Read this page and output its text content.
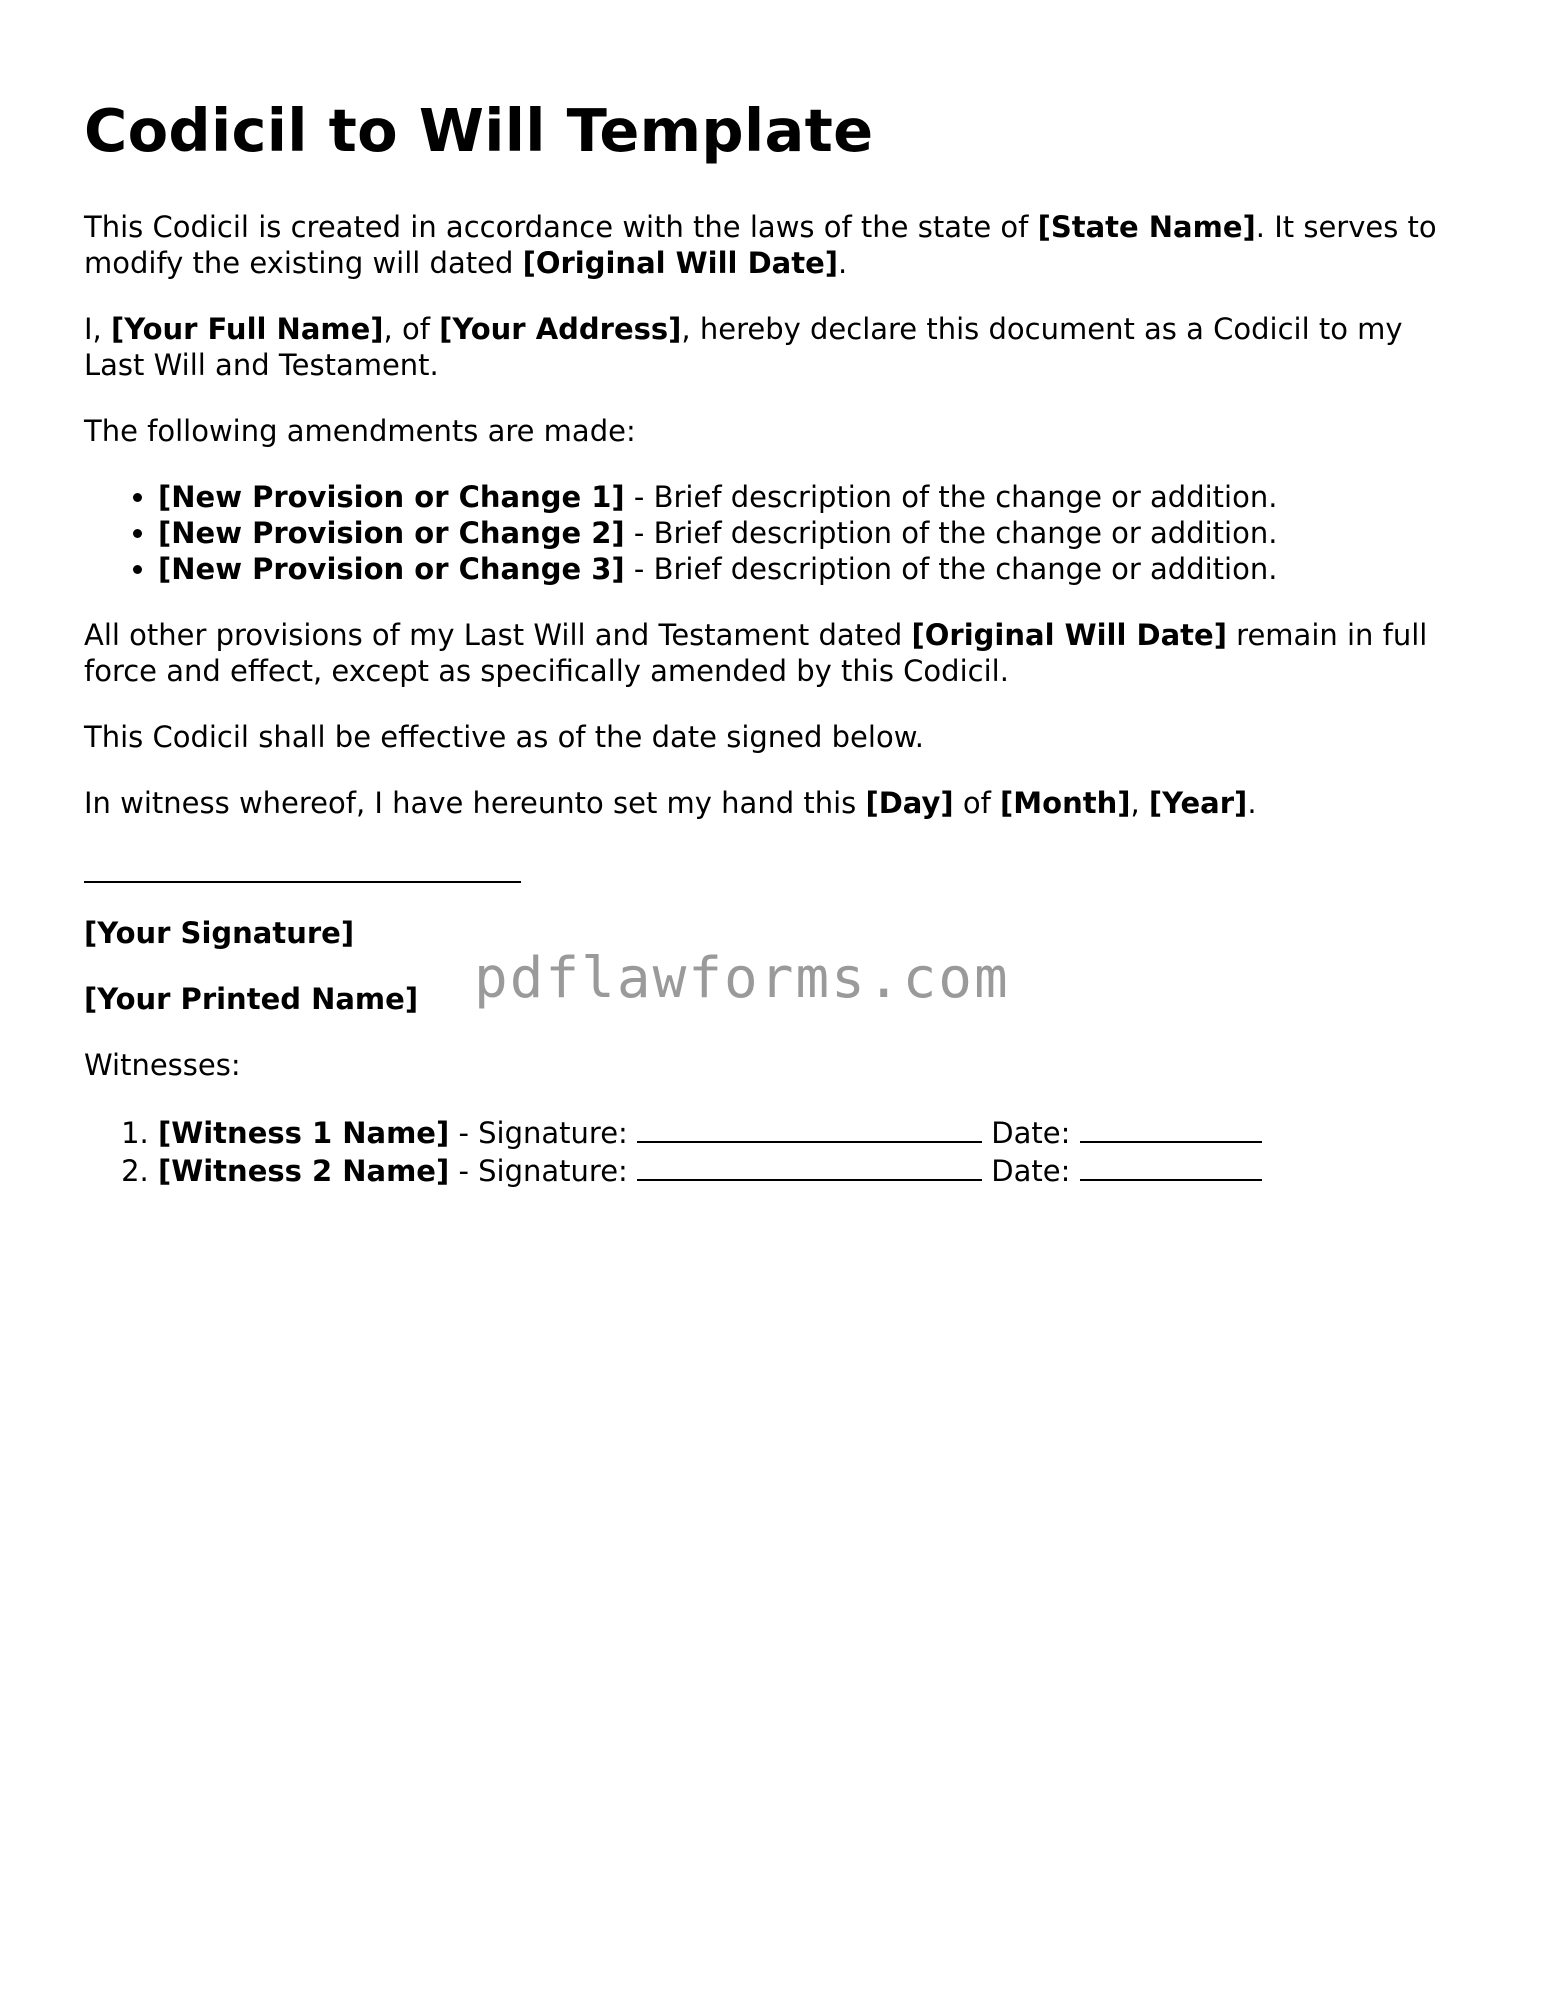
Codicil to Will Template

This Codicil is created in accordance with the laws of the state of [State Name]. It serves to modify the existing will dated [Original Will Date].

I, [Your Full Name], of [Your Address], hereby declare this document as a Codicil to my Last Will and Testament.

The following amendments are made:

• [New Provision or Change 1] - Brief description of the change or addition.
• [New Provision or Change 2] - Brief description of the change or addition.
• [New Provision or Change 3] - Brief description of the change or addition.

All other provisions of my Last Will and Testament dated [Original Will Date] remain in full force and effect, except as specifically amended by this Codicil.

This Codicil shall be effective as of the date signed below.

In witness whereof, I have hereunto set my hand this [Day] of [Month], [Year].

[Your Signature]

[Your Printed Name] pdflawforms.com

Witnesses:

1. [Witness 1 Name] - Signature:	Date:
2. [Witness 2 Name] - Signature:	Date:
